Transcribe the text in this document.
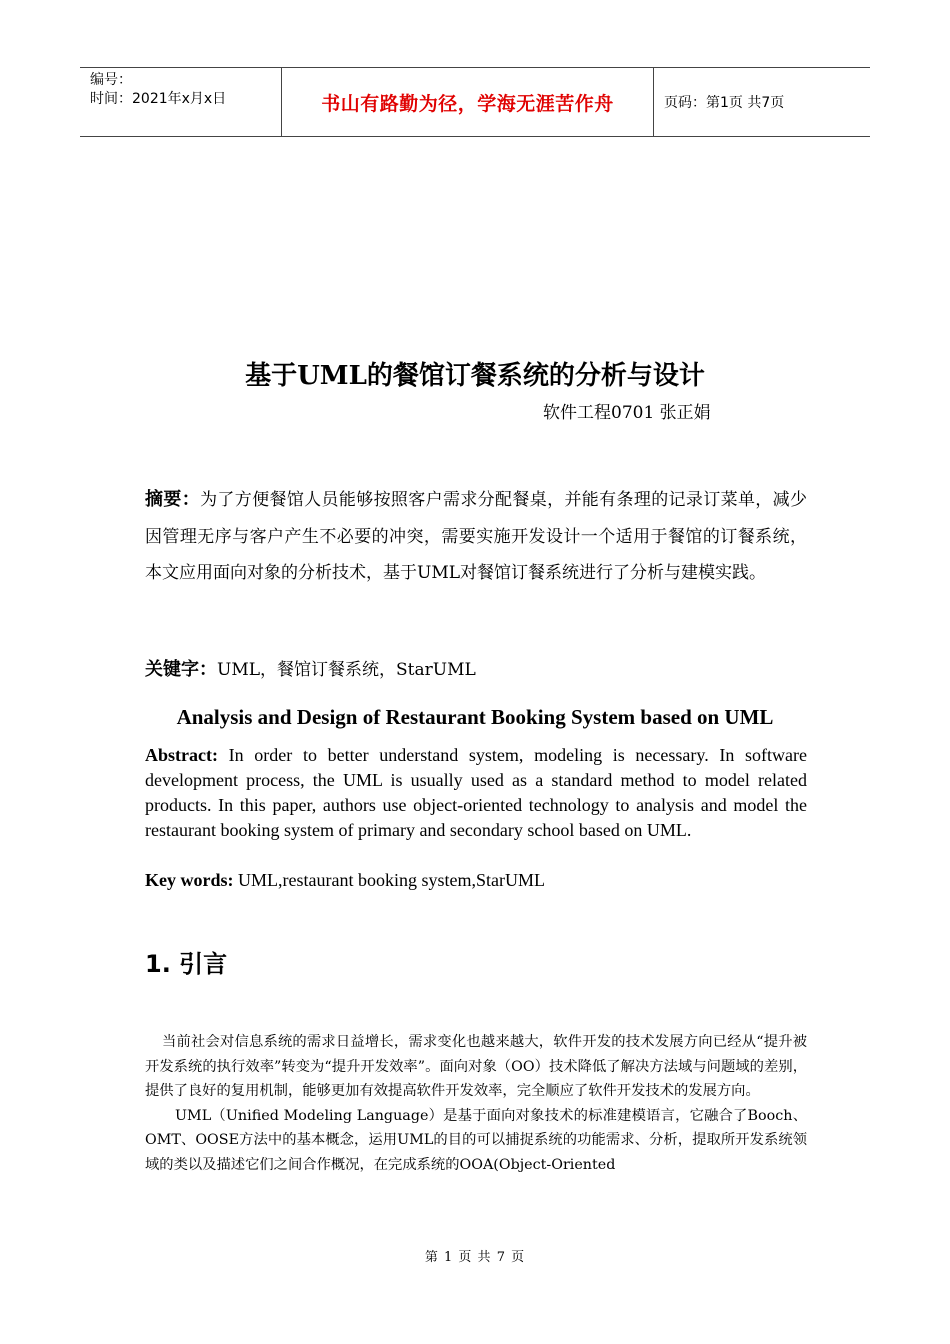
编号：
时间：2021年x月x日	书山有路勤为径，学海无涯苦作舟	页码：第1页 共7页
基于UML的餐馆订餐系统的分析与设计
软件工程0701 张正娟
摘要：为了方便餐馆人员能够按照客户需求分配餐桌，并能有条理的记录订菜单，减少因管理无序与客户产生不必要的冲突，需要实施开发设计一个适用于餐馆的订餐系统，本文应用面向对象的分析技术，基于UML对餐馆订餐系统进行了分析与建模实践。
关键字：UML，餐馆订餐系统，StarUML
Analysis and Design of Restaurant Booking System based on UML
Abstract: In order to better understand system, modeling is necessary. In software development process, the UML is usually used as a standard method to model related products. In this paper, authors use object-oriented technology to analysis and model the restaurant booking system of primary and secondary school based on UML.
Key words: UML,restaurant booking system,StarUML
1. 引言

当前社会对信息系统的需求日益增长，需求变化也越来越大，软件开发的技术发展方向已经从“提升被开发系统的执行效率”转变为“提升开发效率”。面向对象（OO）技术降低了解决方法域与问题域的差别，提供了良好的复用机制，能够更加有效提高软件开发效率，完全顺应了软件开发技术的发展方向。

UML（Unified Modeling Language）是基于面向对象技术的标准建模语言，它融合了Booch、OMT、OOSE方法中的基本概念，运用UML的目的可以捕捉系统的功能需求、分析，提取所开发系统领域的类以及描述它们之间合作概况，在完成系统的OOA(Object-Oriented

第 1 页 共 7 页
